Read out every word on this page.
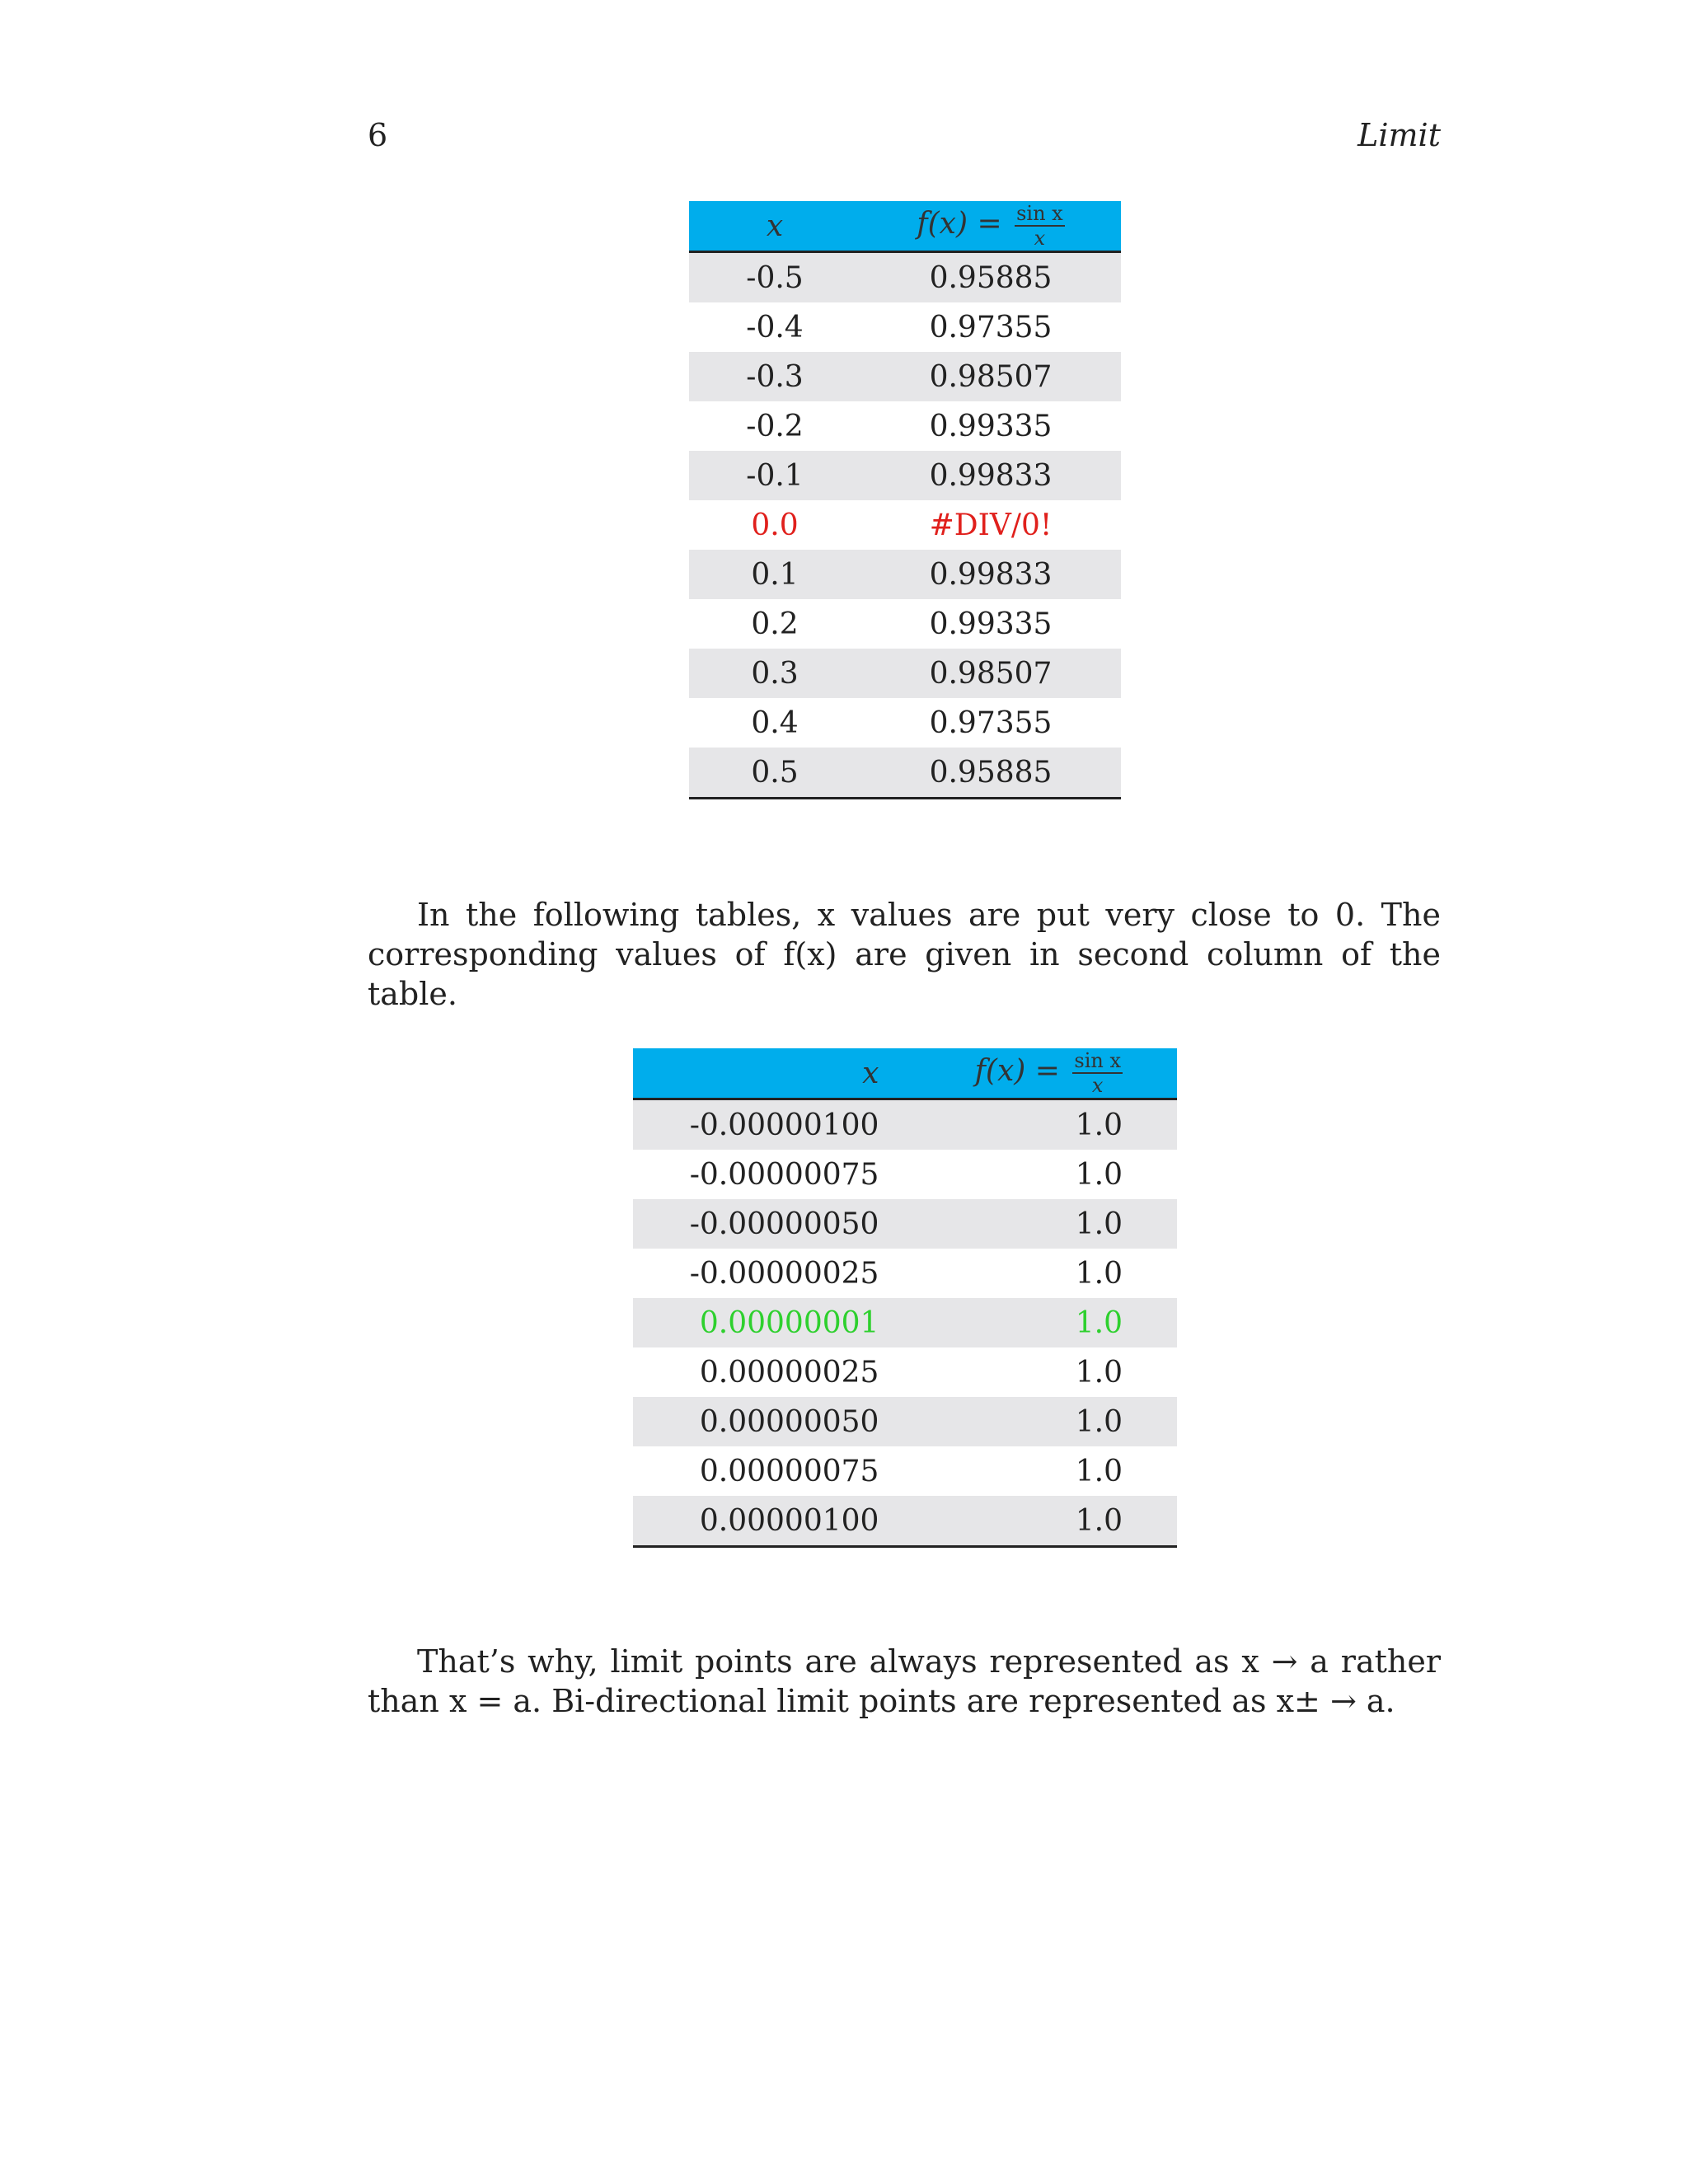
6	Limit
x	$f(x) = \frac{\text{sin x}}{x}$

-0.5	0.95885
-0.4	0.97355
-0.3	0.98507
-0.2	0.99335
-0.1	0.99833
0.0	#DIV/0!
0.1	0.99833
0.2	0.99335
0.3	0.98507
0.4	0.97355
0.5	0.95885

In the following tables, x values are put very close to 0. The corresponding values of f(x) are given in second column of the table.

x	$f(x) = \frac{\text{sin x}}{x}$

-0.00000100	1.0
-0.00000075	1.0
-0.00000050	1.0
-0.00000025	1.0
0.00000001	1.0
0.00000025	1.0
0.00000050	1.0
0.00000075	1.0
0.00000100	1.0

That’s why, limit points are always represented as x → a rather than x = a. Bi-directional limit points are represented as x± → a.
